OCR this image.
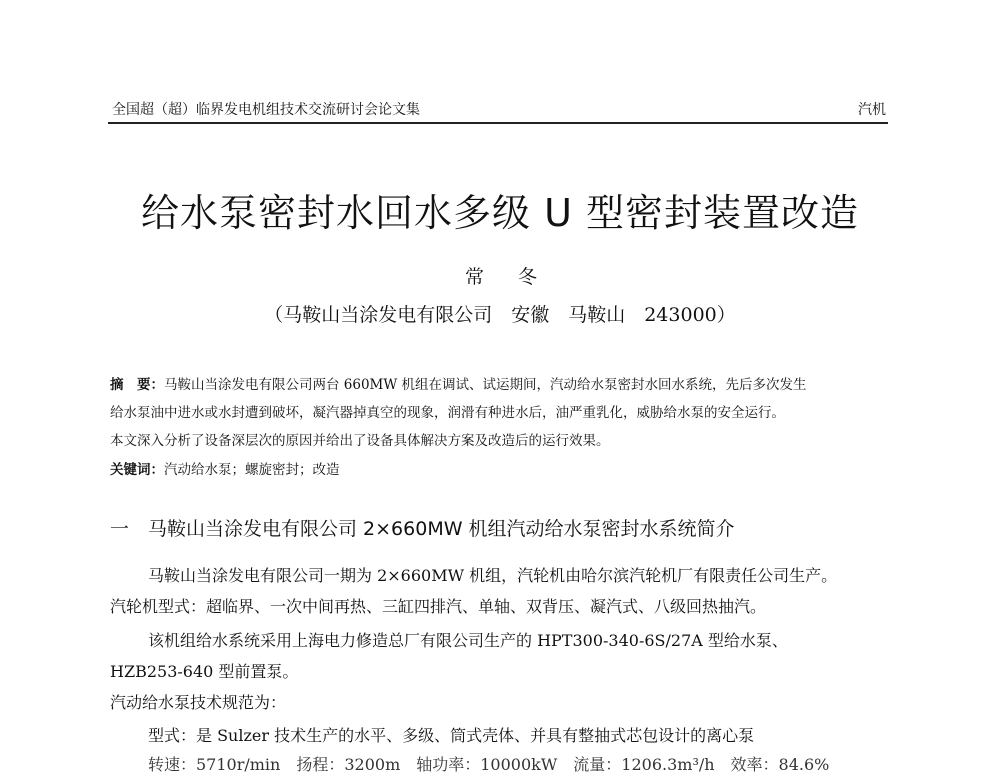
全国超（超）临界发电机组技术交流研讨会论文集	汽机
给水泵密封水回水多级 U 型密封装置改造
常 冬
（马鞍山当涂发电有限公司　安徽　马鞍山　243000）
摘　要：马鞍山当涂发电有限公司两台 660MW 机组在调试、试运期间，汽动给水泵密封水回水系统，先后多次发生
给水泵油中进水或水封遭到破坏，凝汽器掉真空的现象，润滑有种进水后，油严重乳化，威胁给水泵的安全运行。
本文深入分析了设备深层次的原因并给出了设备具体解决方案及改造后的运行效果。
关键词：汽动给水泵；螺旋密封；改造
一 马鞍山当涂发电有限公司 2×660MW 机组汽动给水泵密封水系统简介
马鞍山当涂发电有限公司一期为 2×660MW 机组，汽轮机由哈尔滨汽轮机厂有限责任公司生产。
汽轮机型式：超临界、一次中间再热、三缸四排汽、单轴、双背压、凝汽式、八级回热抽汽。
该机组给水系统采用上海电力修造总厂有限公司生产的 HPT300-340-6S/27A 型给水泵、
HZB253-640 型前置泵。
汽动给水泵技术规范为：
型式：是 Sulzer 技术生产的水平、多级、筒式壳体、并具有整抽式芯包设计的离心泵
转速：5710r/min　扬程：3200m　轴功率：10000kW　流量：1206.3m³/h　效率：84.6%
